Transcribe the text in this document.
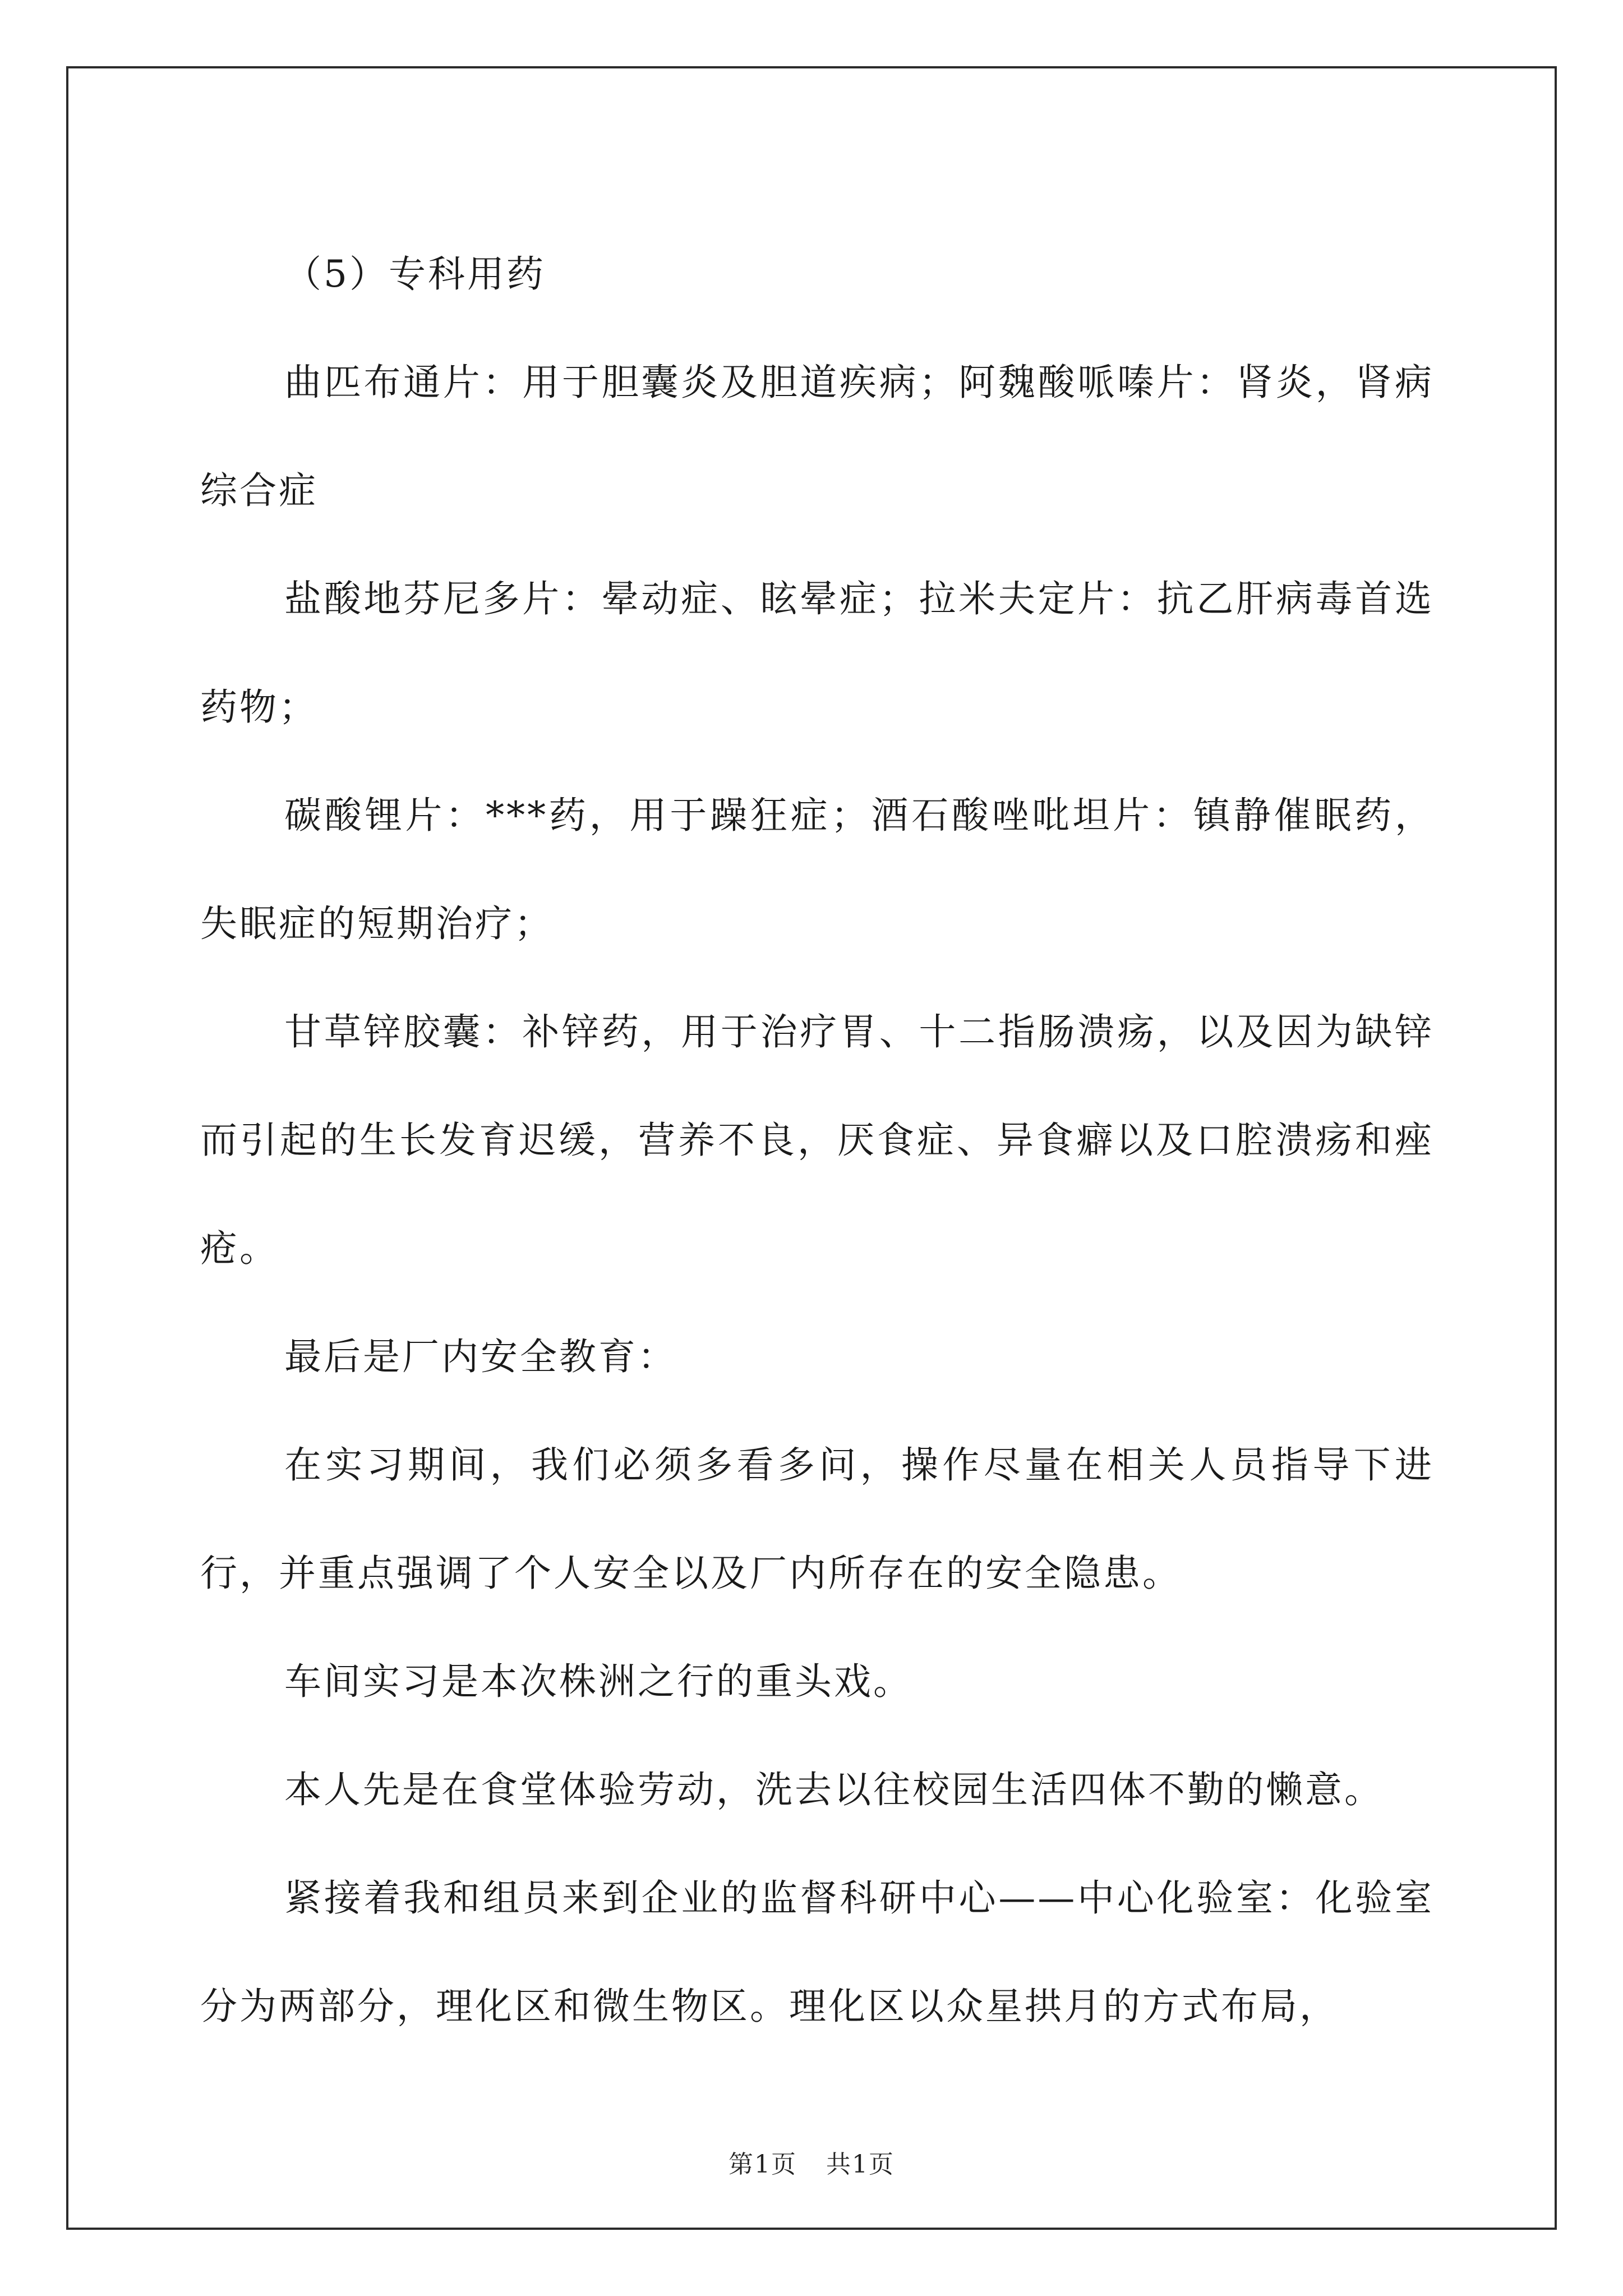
（5）专科用药

曲匹布通片：用于胆囊炎及胆道疾病；阿魏酸哌嗪片：肾炎，肾病综合症

盐酸地芬尼多片：晕动症、眩晕症；拉米夫定片：抗乙肝病毒首选药物；

碳酸锂片：***药，用于躁狂症；酒石酸唑吡坦片：镇静催眠药，失眠症的短期治疗；

甘草锌胶囊：补锌药，用于治疗胃、十二指肠溃疡，以及因为缺锌而引起的生长发育迟缓，营养不良，厌食症、异食癖以及口腔溃疡和痤疮。

最后是厂内安全教育：

在实习期间，我们必须多看多问，操作尽量在相关人员指导下进行，并重点强调了个人安全以及厂内所存在的安全隐患。

车间实习是本次株洲之行的重头戏。

本人先是在食堂体验劳动，洗去以往校园生活四体不勤的懒意。

紧接着我和组员来到企业的监督科研中心——中心化验室：化验室分为两部分，理化区和微生物区。理化区以众星拱月的方式布局，

第1页 共1页
